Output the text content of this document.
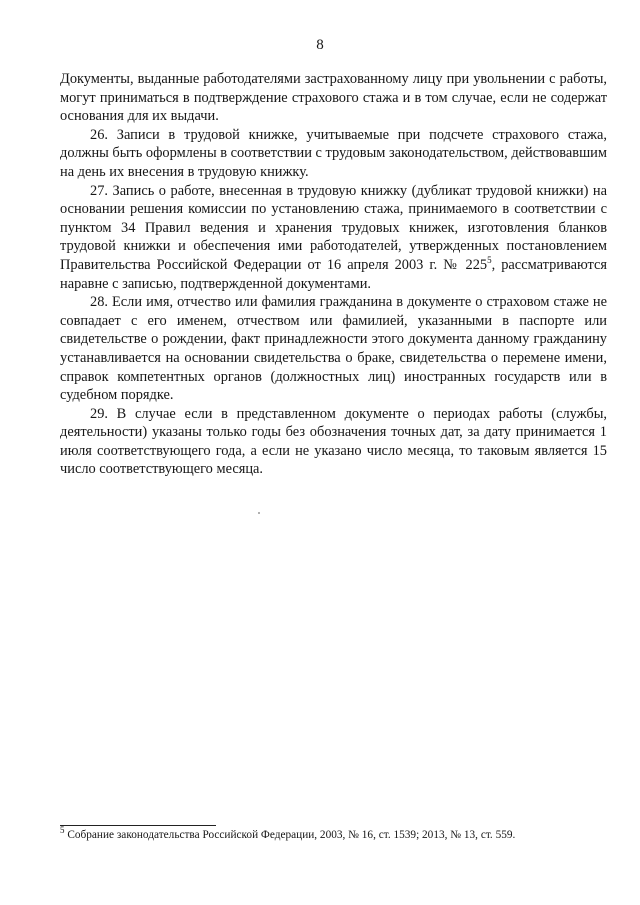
8

Документы, выданные работодателями застрахованному лицу при увольнении с работы, могут приниматься в подтверждение страхового стажа и в том случае, если не содержат основания для их выдачи.

26. Записи в трудовой книжке, учитываемые при подсчете страхового стажа, должны быть оформлены в соответствии с трудовым законодательством, действовавшим на день их внесения в трудовую книжку.

27. Запись о работе, внесенная в трудовую книжку (дубликат трудовой книжки) на основании решения комиссии по установлению стажа, принимаемого в соответствии с пунктом 34 Правил ведения и хранения трудовых книжек, изготовления бланков трудовой книжки и обеспечения ими работодателей, утвержденных постановлением Правительства Российской Федерации от 16 апреля 2003 г. № $225^5$, рассматриваются наравне с записью, подтвержденной документами.

28. Если имя, отчество или фамилия гражданина в документе о страховом стаже не совпадает с его именем, отчеством или фамилией, указанными в паспорте или свидетельстве о рождении, факт принадлежности этого документа данному гражданину устанавливается на основании свидетельства о браке, свидетельства о перемене имени, справок компетентных органов (должностных лиц) иностранных государств или в судебном порядке.

29. В случае если в представленном документе о периодах работы (службы, деятельности) указаны только годы без обозначения точных дат, за дату принимается 1 июля соответствующего года, а если не указано число месяца, то таковым является 15 число соответствующего месяца.

$^5$ Собрание законодательства Российской Федерации, 2003, № 16, ст. 1539; 2013, № 13, ст. 559.
